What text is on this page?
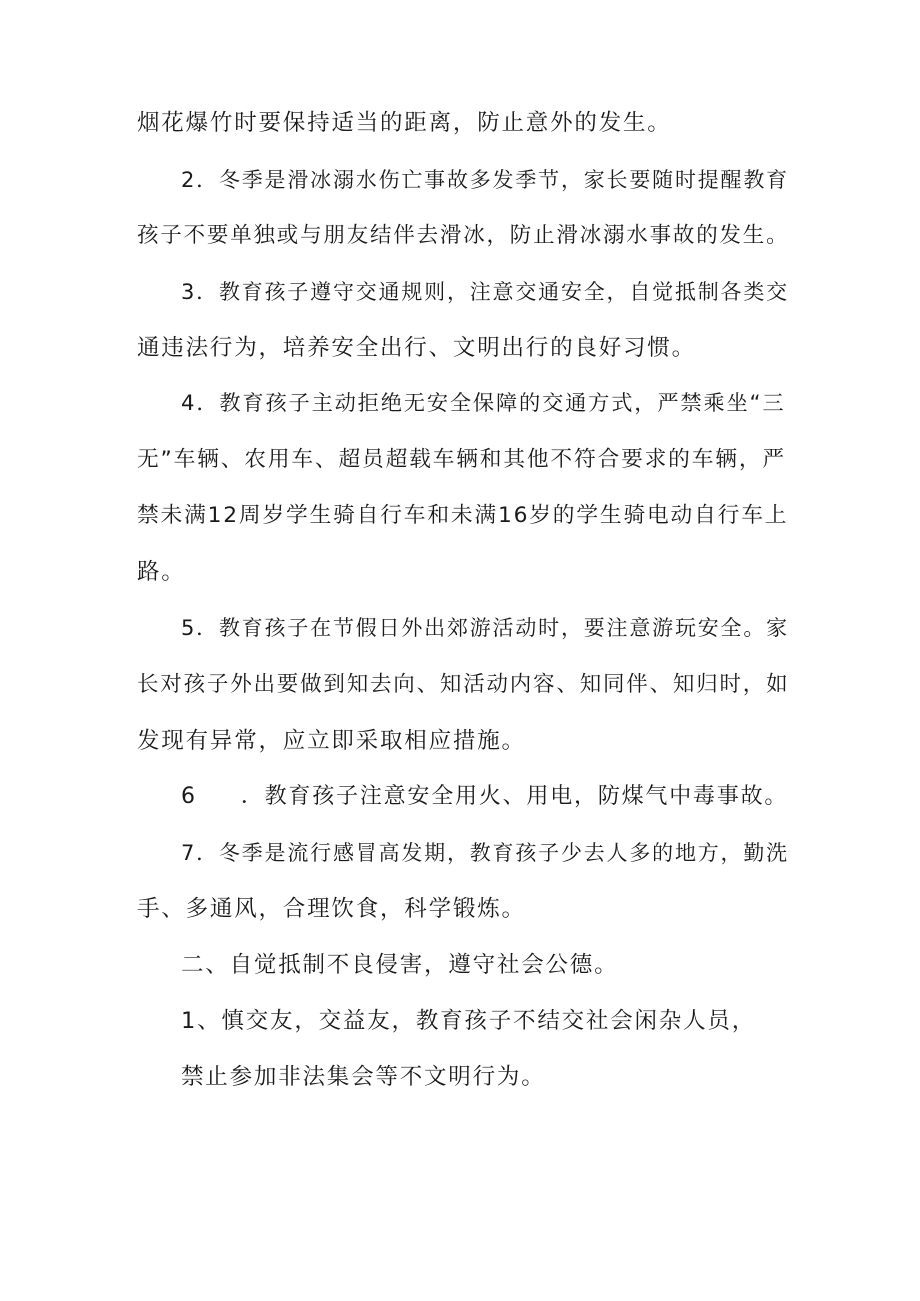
烟花爆竹时要保持适当的距离，防止意外的发生。
2．冬季是滑冰溺水伤亡事故多发季节，家长要随时提醒教育
孩子不要单独或与朋友结伴去滑冰，防止滑冰溺水事故的发生。
3．教育孩子遵守交通规则，注意交通安全，自觉抵制各类交
通违法行为，培养安全出行、文明出行的良好习惯。
4．教育孩子主动拒绝无安全保障的交通方式，严禁乘坐“三
无”车辆、农用车、超员超载车辆和其他不符合要求的车辆，严
禁未满12周岁学生骑自行车和未满16岁的学生骑电动自行车上
路。
5．教育孩子在节假日外出郊游活动时，要注意游玩安全。家
长对孩子外出要做到知去向、知活动内容、知同伴、知归时，如
发现有异常，应立即采取相应措施。
6 ．教育孩子注意安全用火、用电，防煤气中毒事故。
7．冬季是流行感冒高发期，教育孩子少去人多的地方，勤洗
手、多通风，合理饮食，科学锻炼。
二、自觉抵制不良侵害，遵守社会公德。
1、慎交友，交益友，教育孩子不结交社会闲杂人员，
禁止参加非法集会等不文明行为。
